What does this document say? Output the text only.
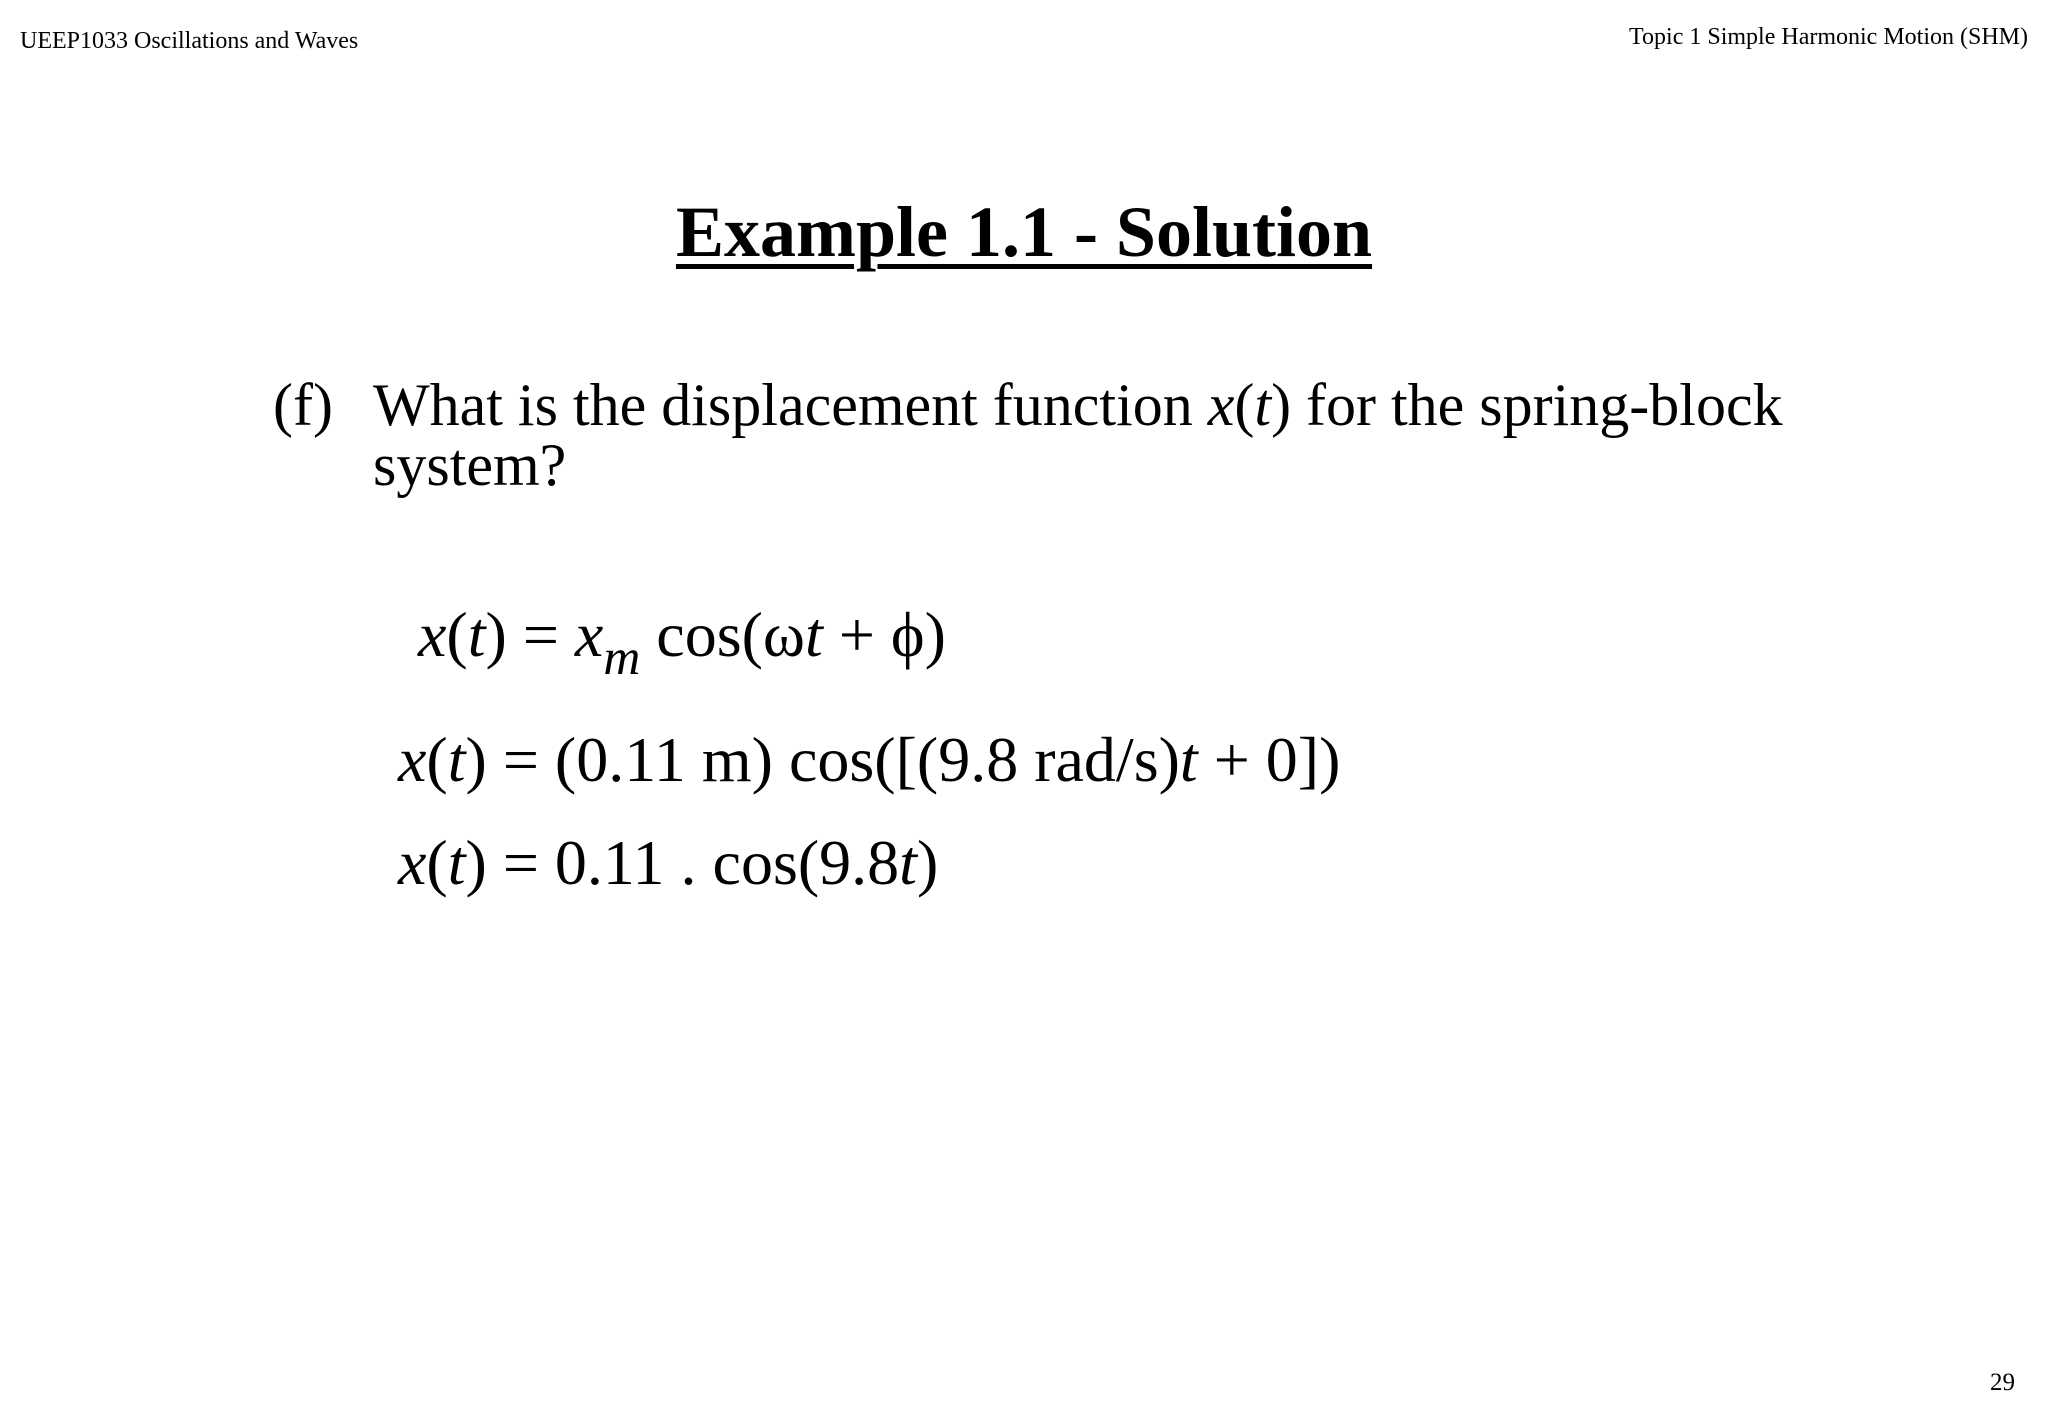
UEEP1033 Oscillations and Waves	Topic 1 Simple Harmonic Motion (SHM)
Example 1.1 - Solution
(f) What is the displacement function x(t) for the spring-block system?
$x(t) = x_m$ cos(ωt + ϕ)
x(t) = (0.11 m) cos([(9.8 rad/s)t + 0])
x(t) = 0.11 . cos(9.8t)
29
